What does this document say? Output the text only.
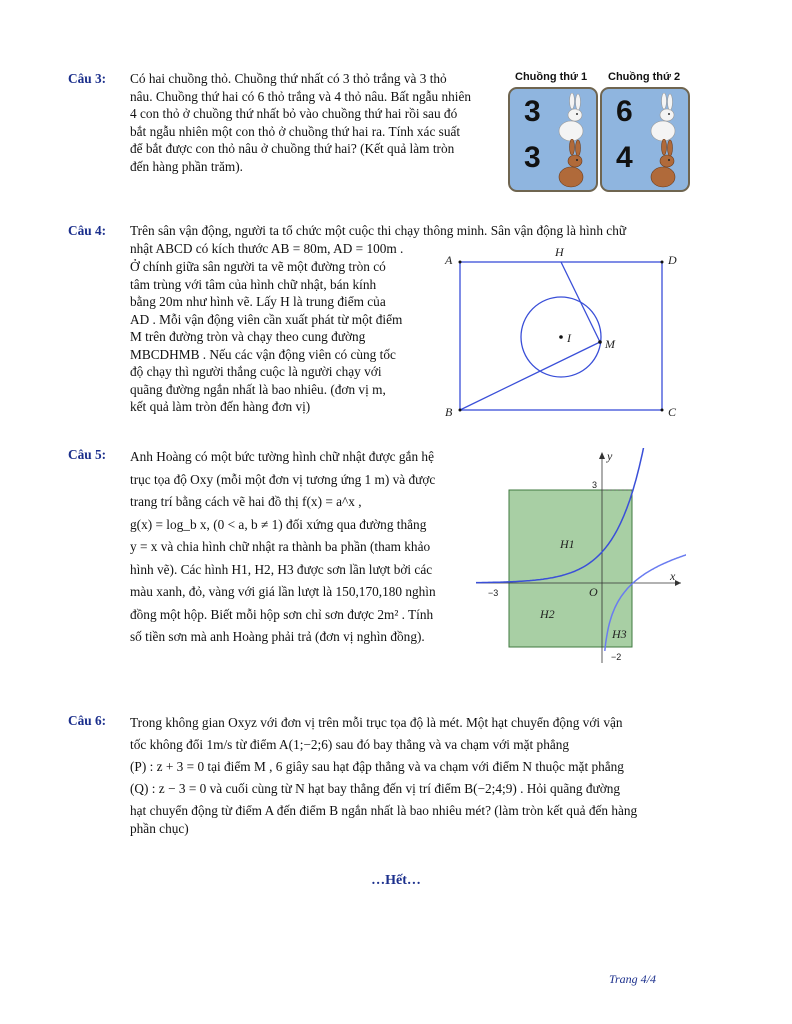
Câu 3: Có hai chuồng thỏ. Chuồng thứ nhất có 3 thỏ trắng và 3 thỏ
nâu. Chuồng thứ hai có 6 thỏ trắng và 4 thỏ nâu. Bất ngẫu nhiên
4 con thỏ ở chuồng thứ nhất bỏ vào chuồng thứ hai rồi sau đó
bắt ngẫu nhiên một con thỏ ở chuồng thứ hai ra. Tính xác suất
để bắt được con thỏ nâu ở chuồng thứ hai? (Kết quả làm tròn
đến hàng phần trăm).
Chuồng thứ 1 Chuồng thứ 2
3
3
6
4
Câu 4: Trên sân vận động, người ta tổ chức một cuộc thi chạy thông minh. Sân vận động là hình chữ
nhật ABCD có kích thước AB = 80m, AD = 100m .
Ở chính giữa sân người ta vẽ một đường tròn có
tâm trùng với tâm của hình chữ nhật, bán kính
bằng 20m như hình vẽ. Lấy H là trung điểm của
AD . Mỗi vận động viên cần xuất phát từ một điểm
M trên đường tròn và chạy theo cung đường
MBCDHMB . Nếu các vận động viên có cùng tốc
độ chạy thì người thắng cuộc là người chạy với
quãng đường ngắn nhất là bao nhiêu. (đơn vị m,
kết quả làm tròn đến hàng đơn vị)
A	D
B	C
H
I	M
Câu 5: Anh Hoàng có một bức tường hình chữ nhật được gắn hệ
trục tọa độ Oxy (mỗi một đơn vị tương ứng 1 m) và được
trang trí bằng cách vẽ hai đồ thị f(x) = a^x ,
g(x) = log_b x, (0 < a, b ≠ 1) đối xứng qua đường thẳng
y = x và chia hình chữ nhật ra thành ba phần (tham khảo
hình vẽ). Các hình H1, H2, H3 được sơn lần lượt bởi các
màu xanh, đỏ, vàng với giá lần lượt là 150,170,180 nghìn
đồng một hộp. Biết mỗi hộp sơn chỉ sơn được 2m² . Tính
số tiền sơn mà anh Hoàng phải trả (đơn vị nghìn đồng).
y
x
O
3
−3
−2
H1
H2
H3
Câu 6: Trong không gian Oxyz với đơn vị trên mỗi trục tọa độ là mét. Một hạt chuyển động với vận
tốc không đổi 1m/s từ điểm A(1;−2;6) sau đó bay thẳng và va chạm với mặt phẳng
(P) : z + 3 = 0 tại điểm M , 6 giây sau hạt đập thẳng và va chạm với điểm N thuộc mặt phẳng
(Q) : z − 3 = 0 và cuối cùng từ N hạt bay thẳng đến vị trí điểm B(−2;4;9) . Hỏi quãng đường
hạt chuyển động từ điểm A đến điểm B ngắn nhất là bao nhiêu mét? (làm tròn kết quả đến hàng
phần chục)
…Hết…
Trang 4/4
